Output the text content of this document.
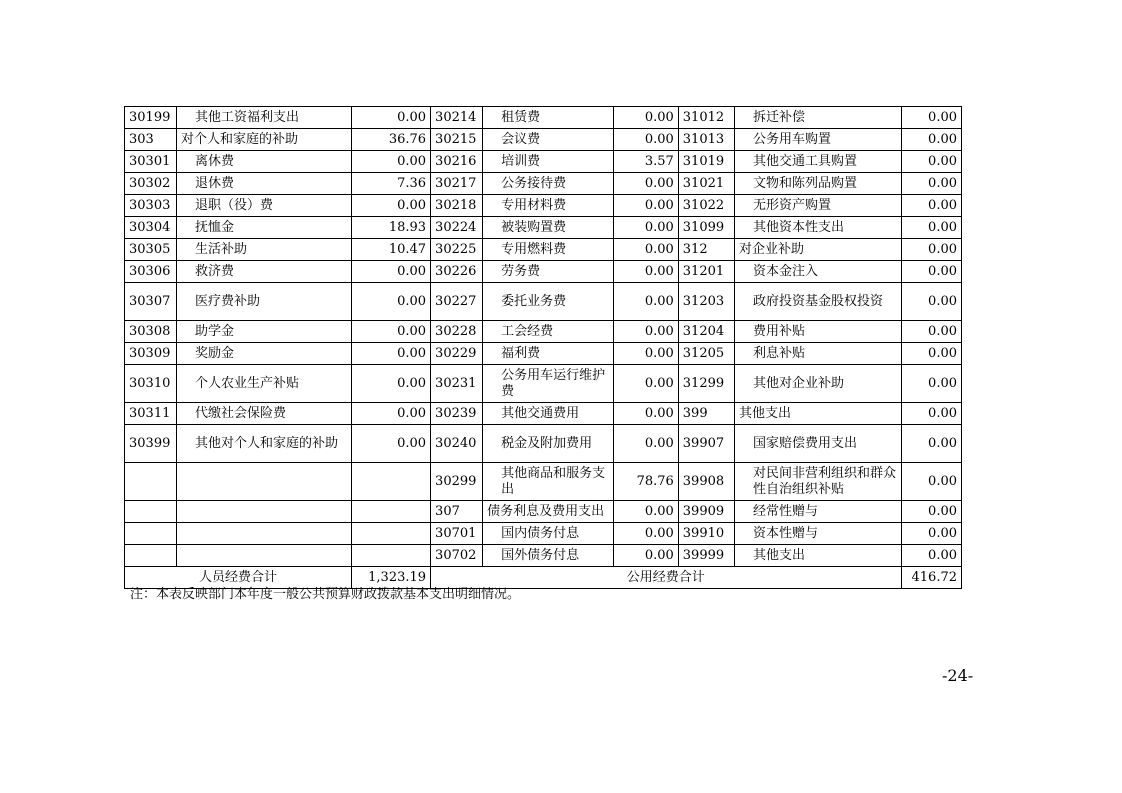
30199	其他工资福利支出	0.00	30214	租赁费	0.00	31012	拆迁补偿	0.00
303	对个人和家庭的补助	36.76	30215	会议费	0.00	31013	公务用车购置	0.00
30301	离休费	0.00	30216	培训费	3.57	31019	其他交通工具购置	0.00
30302	退休费	7.36	30217	公务接待费	0.00	31021	文物和陈列品购置	0.00
30303	退职（役）费	0.00	30218	专用材料费	0.00	31022	无形资产购置	0.00
30304	抚恤金	18.93	30224	被装购置费	0.00	31099	其他资本性支出	0.00
30305	生活补助	10.47	30225	专用燃料费	0.00	312	对企业补助	0.00
30306	救济费	0.00	30226	劳务费	0.00	31201	资本金注入	0.00
30307	医疗费补助	0.00	30227	委托业务费	0.00	31203	政府投资基金股权投资	0.00
30308	助学金	0.00	30228	工会经费	0.00	31204	费用补贴	0.00
30309	奖励金	0.00	30229	福利费	0.00	31205	利息补贴	0.00
30310	个人农业生产补贴	0.00	30231	公务用车运行维护费	0.00	31299	其他对企业补助	0.00
30311	代缴社会保险费	0.00	30239	其他交通费用	0.00	399	其他支出	0.00
30399	其他对个人和家庭的补助	0.00	30240	税金及附加费用	0.00	39907	国家赔偿费用支出	0.00
			30299	其他商品和服务支出	78.76	39908	对民间非营利组织和群众性自治组织补贴	0.00
			307	债务利息及费用支出	0.00	39909	经常性赠与	0.00
			30701	国内债务付息	0.00	39910	资本性赠与	0.00
			30702	国外债务付息	0.00	39999	其他支出	0.00
人员经费合计		1,323.19	公用经费合计					416.72
注：本表反映部门本年度一般公共预算财政拨款基本支出明细情况。
-24-
